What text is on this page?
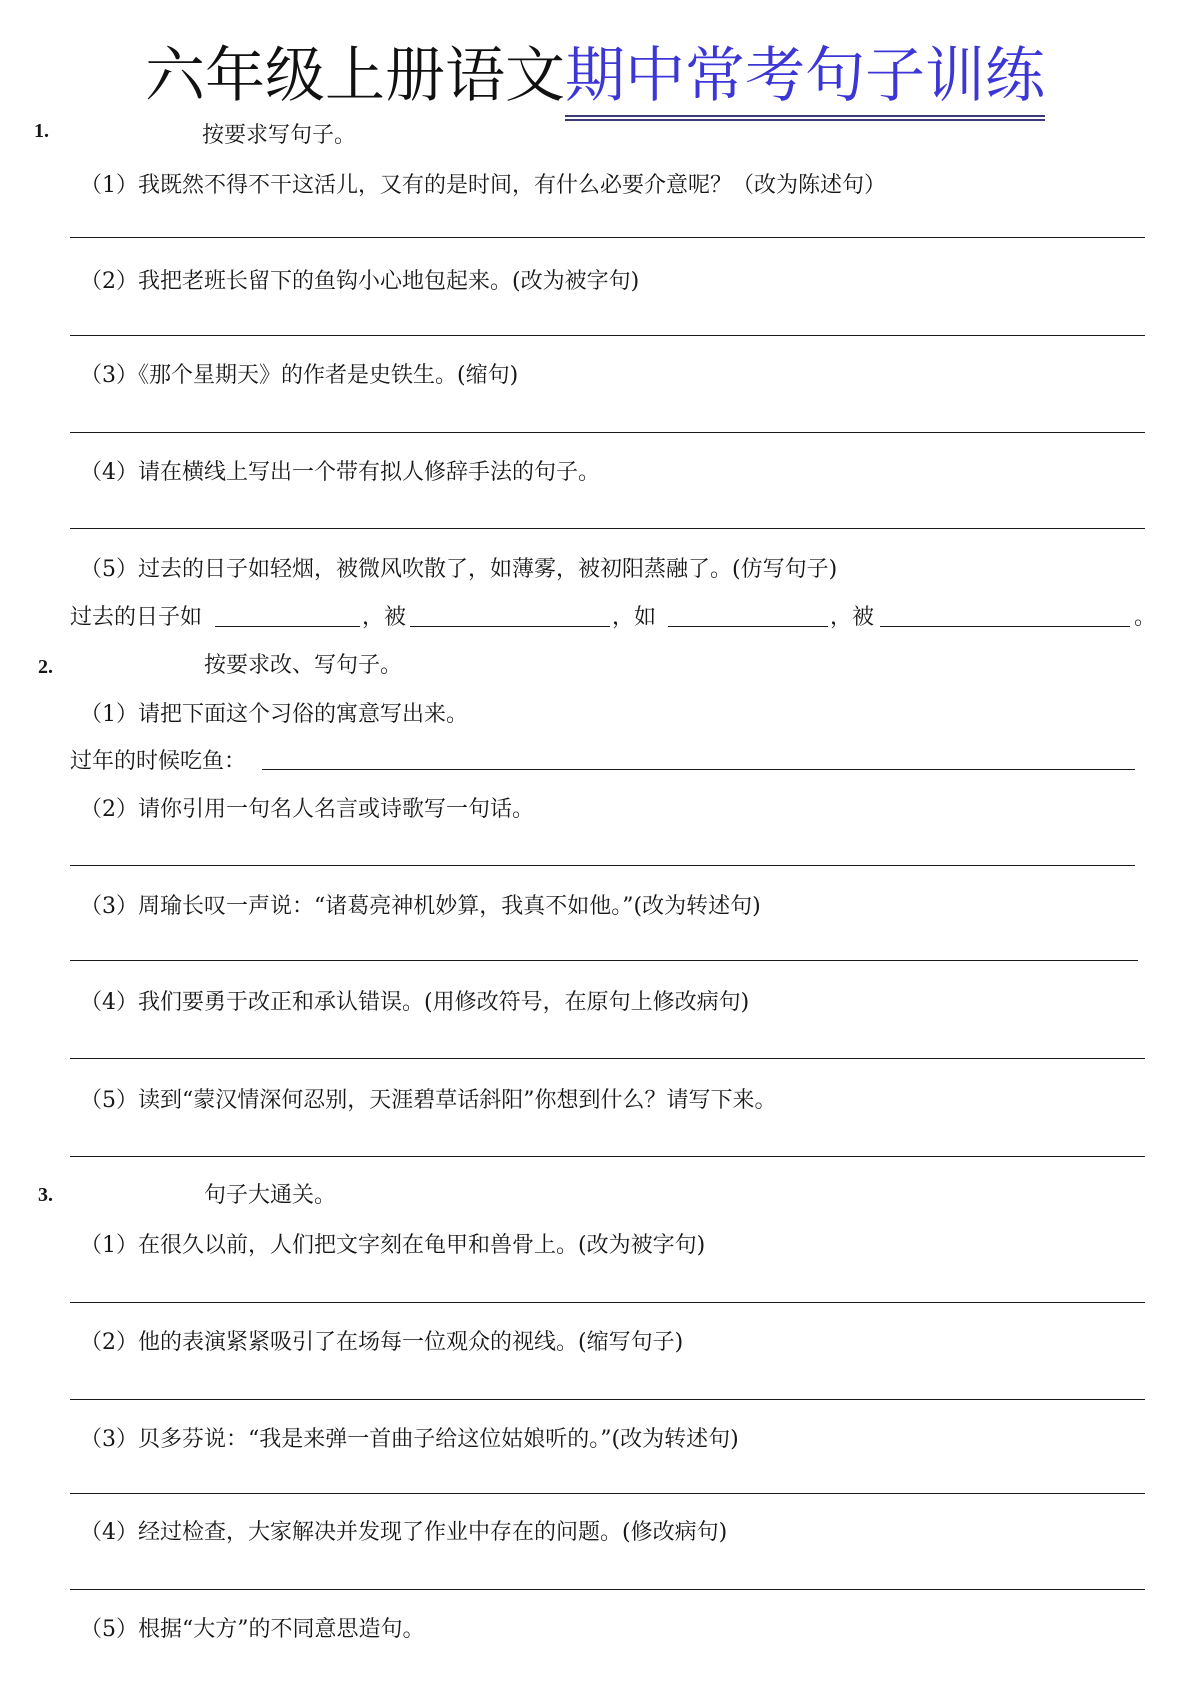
六年级上册语文期中常考句子训练
1.	按要求写句子。
（1）我既然不得不干这活儿，又有的是时间，有什么必要介意呢？（改为陈述句）
（2）我把老班长留下的鱼钩小心地包起来。(改为被字句)
（3）《那个星期天》的作者是史铁生。(缩句)
（4）请在横线上写出一个带有拟人修辞手法的句子。
（5）过去的日子如轻烟，被微风吹散了，如薄雾，被初阳蒸融了。(仿写句子)
过去的日子如	，被	，如	，被	。
2.	按要求改、写句子。
（1）请把下面这个习俗的寓意写出来。
过年的时候吃鱼：
（2）请你引用一句名人名言或诗歌写一句话。
（3）周瑜长叹一声说：“诸葛亮神机妙算，我真不如他。”(改为转述句)
（4）我们要勇于改正和承认错误。(用修改符号，在原句上修改病句)
（5）读到“蒙汉情深何忍别，天涯碧草话斜阳”你想到什么？请写下来。
3.	句子大通关。
（1）在很久以前，人们把文字刻在龟甲和兽骨上。(改为被字句)
（2）他的表演紧紧吸引了在场每一位观众的视线。(缩写句子)
（3）贝多芬说：“我是来弹一首曲子给这位姑娘听的。”(改为转述句)
（4）经过检查，大家解决并发现了作业中存在的问题。(修改病句)
（5）根据“大方”的不同意思造句。
